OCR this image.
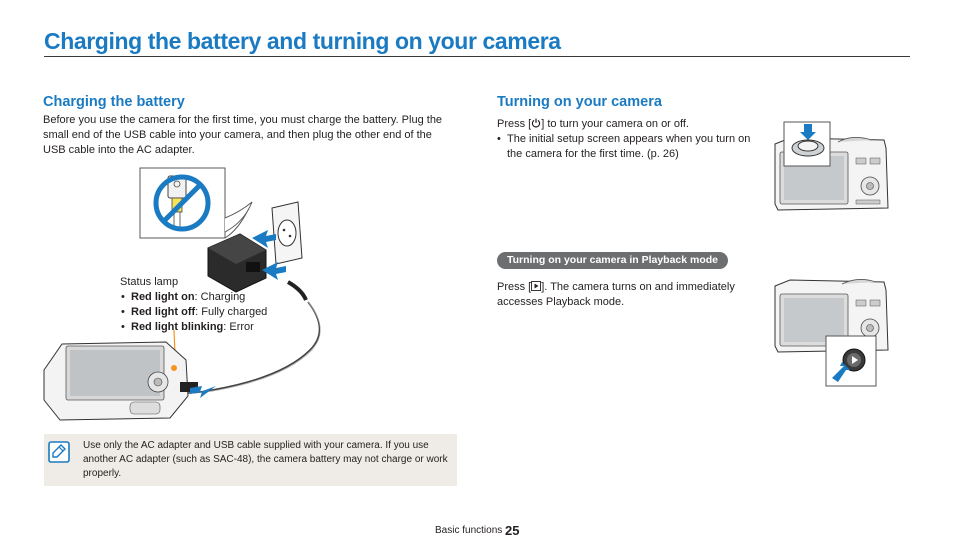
Charging the battery and turning on your camera
Charging the battery

Before you use the camera for the first time, you must charge the battery. Plug the small end of the USB cable into your camera, and then plug the other end of the USB cable into the AC adapter.

Status lamp
• Red light on: Charging
• Red light off: Fully charged
• Red light blinking: Error
Turning on your camera
Press [ ] to turn your camera on or off.
• The initial setup screen appears when you turn on the camera for the first time. (p. 26)
Turning on your camera in Playback mode
Press [ ]. The camera turns on and immediately accesses Playback mode.

Use only the AC adapter and USB cable supplied with your camera. If you use another AC adapter (such as SAC-48), the camera battery may not charge or work properly.

Basic functions 25
